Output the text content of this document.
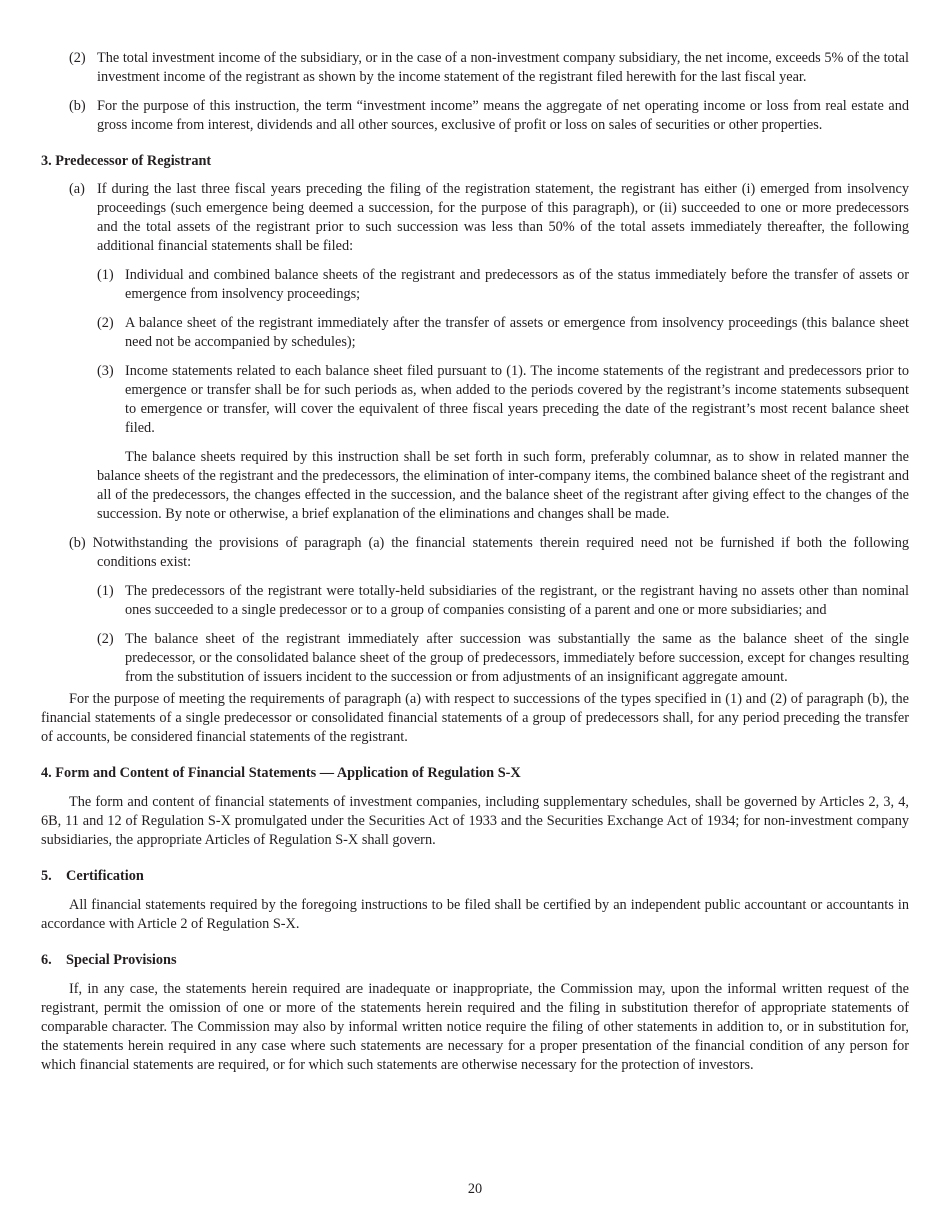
(2) The total investment income of the subsidiary, or in the case of a non-investment company subsidiary, the net income, exceeds 5% of the total investment income of the registrant as shown by the income statement of the registrant filed herewith for the last fiscal year.

(b) For the purpose of this instruction, the term “investment income” means the aggregate of net operating income or loss from real estate and gross income from interest, dividends and all other sources, exclusive of profit or loss on sales of securities or other properties.

3. Predecessor of Registrant

(a) If during the last three fiscal years preceding the filing of the registration statement, the registrant has either (i) emerged from insolvency proceedings (such emergence being deemed a succession, for the purpose of this paragraph), or (ii) succeeded to one or more predecessors and the total assets of the registrant prior to such succession was less than 50% of the total assets immediately thereafter, the following additional financial statements shall be filed:

(1) Individual and combined balance sheets of the registrant and predecessors as of the status immediately before the transfer of assets or emergence from insolvency proceedings;

(2) A balance sheet of the registrant immediately after the transfer of assets or emergence from insolvency proceedings (this balance sheet need not be accompanied by schedules);

(3) Income statements related to each balance sheet filed pursuant to (1). The income statements of the registrant and predecessors prior to emergence or transfer shall be for such periods as, when added to the periods covered by the registrant’s income statements subsequent to emergence or transfer, will cover the equivalent of three fiscal years preceding the date of the registrant’s most recent balance sheet filed.

The balance sheets required by this instruction shall be set forth in such form, preferably columnar, as to show in related manner the balance sheets of the registrant and the predecessors, the elimination of inter-company items, the combined balance sheet of the registrant and all of the predecessors, the changes effected in the succession, and the balance sheet of the registrant after giving effect to the changes of the succession. By note or otherwise, a brief explanation of the eliminations and changes shall be made.

(b) Notwithstanding the provisions of paragraph (a) the financial statements therein required need not be furnished if both the following conditions exist:

(1) The predecessors of the registrant were totally-held subsidiaries of the registrant, or the registrant having no assets other than nominal ones succeeded to a single predecessor or to a group of companies consisting of a parent and one or more subsidiaries; and

(2) The balance sheet of the registrant immediately after succession was substantially the same as the balance sheet of the single predecessor, or the consolidated balance sheet of the group of predecessors, immediately before succession, except for changes resulting from the substitution of issuers incident to the succession or from adjustments of an insignificant aggregate amount.

For the purpose of meeting the requirements of paragraph (a) with respect to successions of the types specified in (1) and (2) of paragraph (b), the financial statements of a single predecessor or consolidated financial statements of a group of predecessors shall, for any period preceding the transfer of accounts, be considered financial statements of the registrant.

4. Form and Content of Financial Statements — Application of Regulation S-X

The form and content of financial statements of investment companies, including supplementary schedules, shall be governed by Articles 2, 3, 4, 6B, 11 and 12 of Regulation S-X promulgated under the Securities Act of 1933 and the Securities Exchange Act of 1934; for non-investment company subsidiaries, the appropriate Articles of Regulation S-X shall govern.

5.    Certification

All financial statements required by the foregoing instructions to be filed shall be certified by an independent public accountant or accountants in accordance with Article 2 of Regulation S-X.

6.    Special Provisions

If, in any case, the statements herein required are inadequate or inappropriate, the Commission may, upon the informal written request of the registrant, permit the omission of one or more of the statements herein required and the filing in substitution therefor of appropriate statements of comparable character. The Commission may also by informal written notice require the filing of other statements in addition to, or in substitution for, the statements herein required in any case where such statements are necessary for a proper presentation of the financial condition of any person for which financial statements are required, or for which such statements are otherwise necessary for the protection of investors.

20
